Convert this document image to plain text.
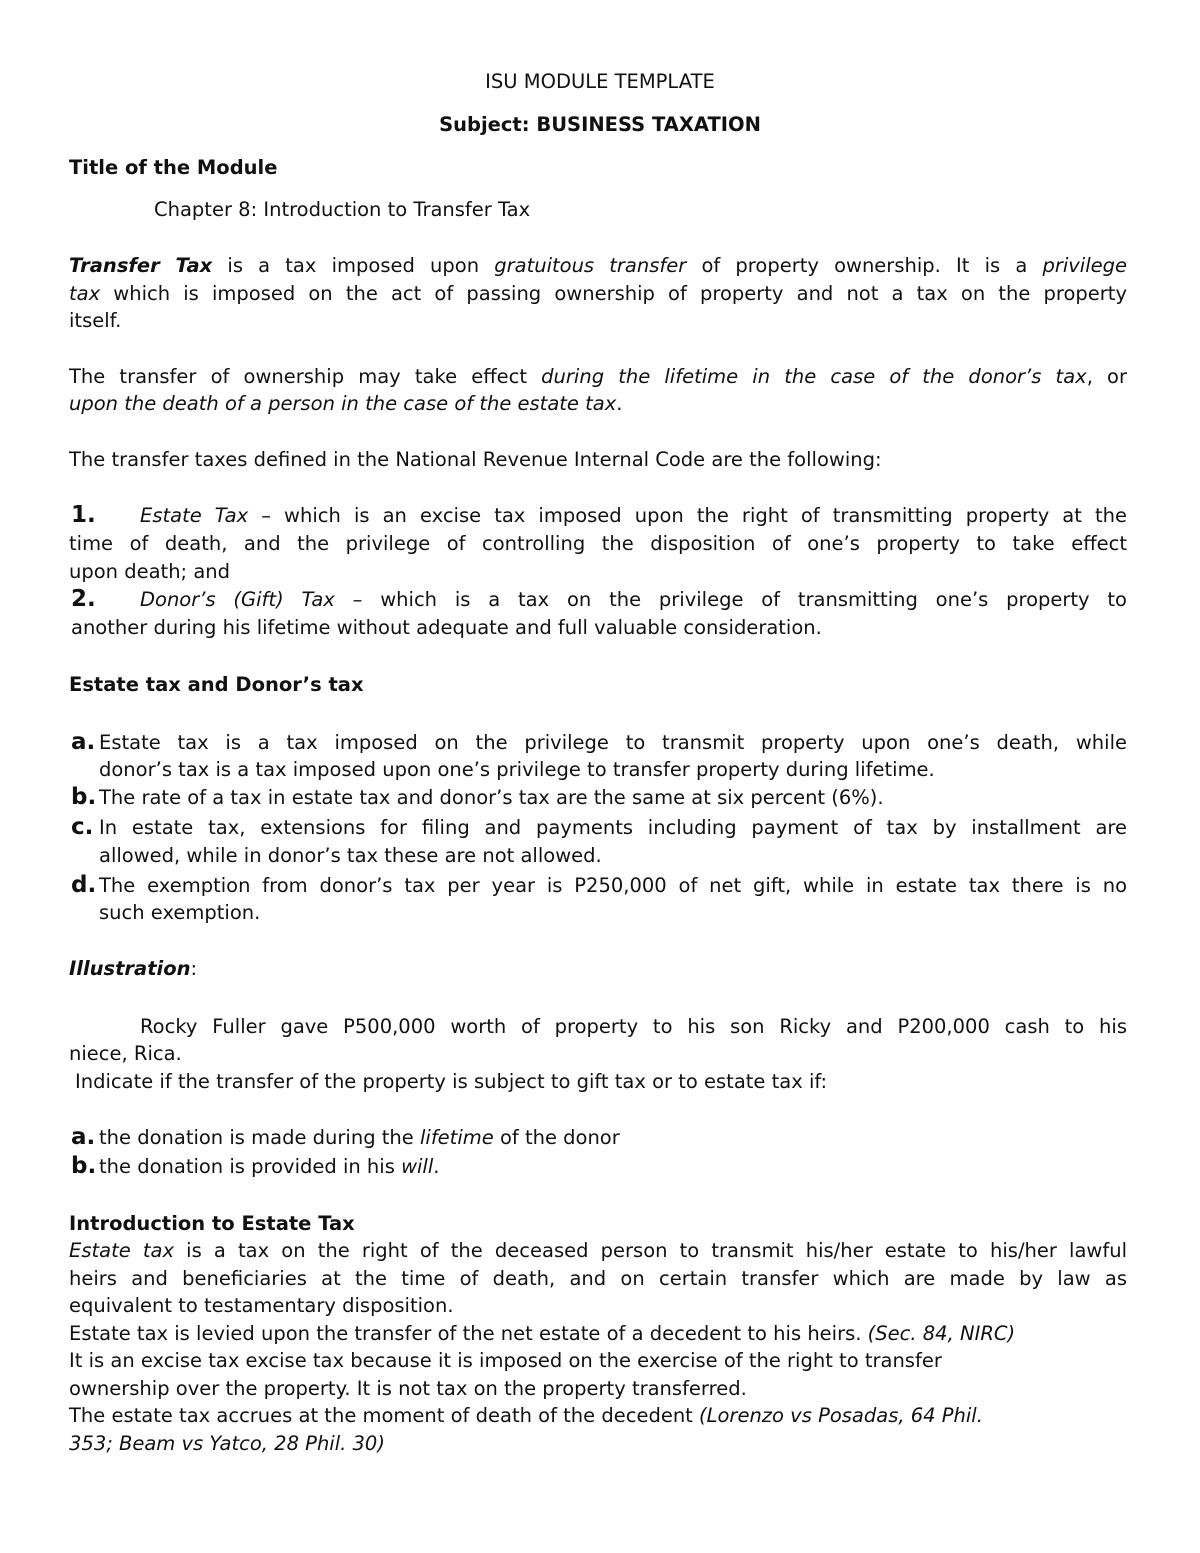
ISU MODULE TEMPLATE
Subject: BUSINESS TAXATION
Title of the Module
Chapter 8: Introduction to Transfer Tax
Transfer Tax is a tax imposed upon gratuitous transfer of property ownership. It is a privilege
tax which is imposed on the act of passing ownership of property and not a tax on the property
itself.
The transfer of ownership may take effect during the lifetime in the case of the donor’s tax, or
upon the death of a person in the case of the estate tax.
The transfer taxes defined in the National Revenue Internal Code are the following:
1. Estate Tax – which is an excise tax imposed upon the right of transmitting property at the
time of death, and the privilege of controlling the disposition of one’s property to take effect
upon death; and
2. Donor’s (Gift) Tax – which is a tax on the privilege of transmitting one’s property to
another during his lifetime without adequate and full valuable consideration.
Estate tax and Donor’s tax
a. Estate tax is a tax imposed on the privilege to transmit property upon one’s death, while
donor’s tax is a tax imposed upon one’s privilege to transfer property during lifetime.
b. The rate of a tax in estate tax and donor’s tax are the same at six percent (6%).
c. In estate tax, extensions for filing and payments including payment of tax by installment are
allowed, while in donor’s tax these are not allowed.
d. The exemption from donor’s tax per year is P250,000 of net gift, while in estate tax there is no
such exemption.
Illustration:
Rocky Fuller gave P500,000 worth of property to his son Ricky and P200,000 cash to his
niece, Rica.
Indicate if the transfer of the property is subject to gift tax or to estate tax if:
a. the donation is made during the lifetime of the donor
b. the donation is provided in his will.
Introduction to Estate Tax
Estate tax is a tax on the right of the deceased person to transmit his/her estate to his/her lawful
heirs and beneficiaries at the time of death, and on certain transfer which are made by law as
equivalent to testamentary disposition.
Estate tax is levied upon the transfer of the net estate of a decedent to his heirs. (Sec. 84, NIRC)
It is an excise tax excise tax because it is imposed on the exercise of the right to transfer
ownership over the property. It is not tax on the property transferred.
The estate tax accrues at the moment of death of the decedent (Lorenzo vs Posadas, 64 Phil.
353; Beam vs Yatco, 28 Phil. 30)
